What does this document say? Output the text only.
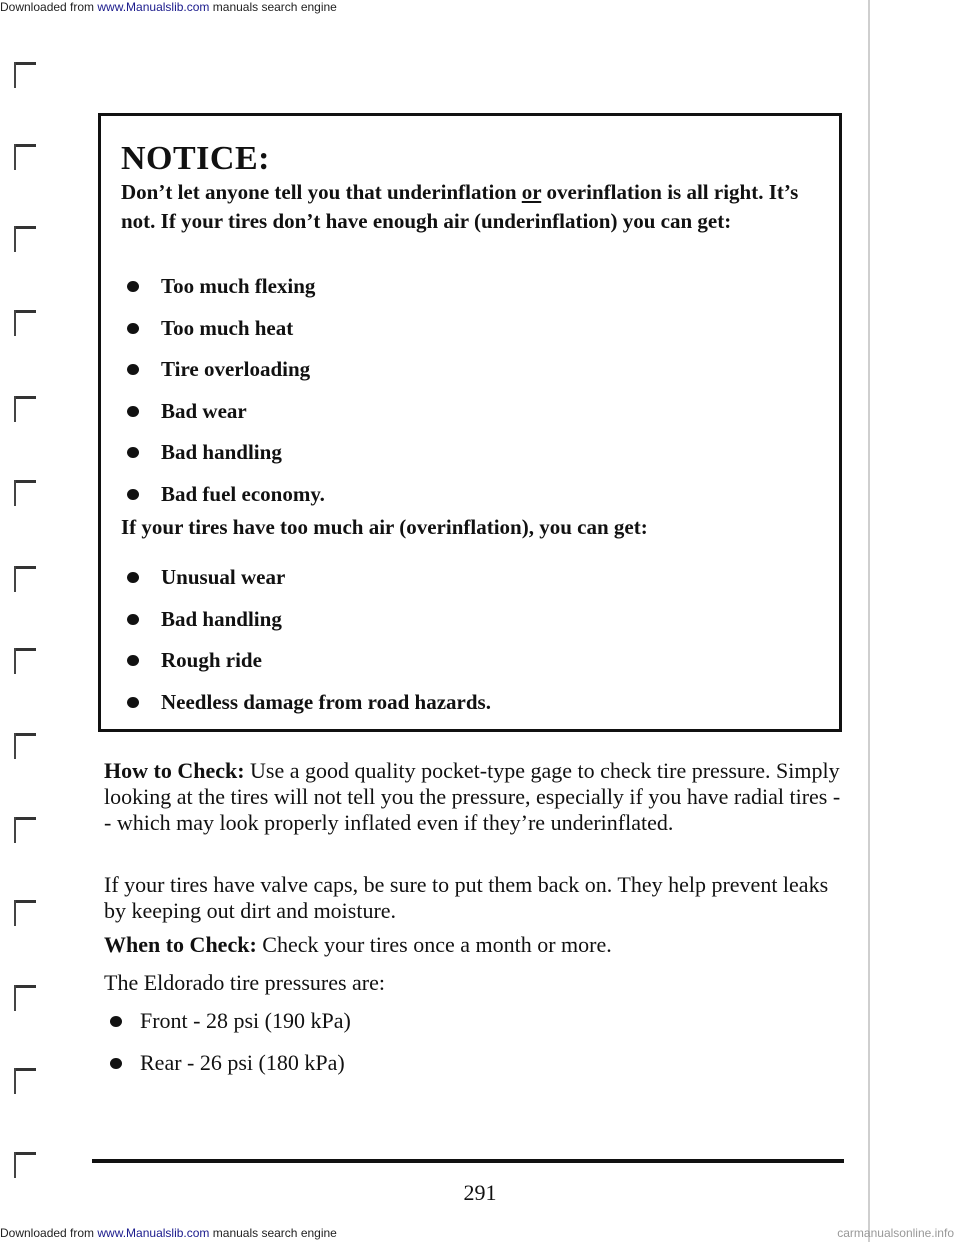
Downloaded from www.Manualslib.com manuals search engine
NOTICE:
Don’t let anyone tell you that underinflation or overinflation is all right. It’s not. If your tires don’t have enough air (underinflation) you can get:
Too much flexing
Too much heat
Tire overloading
Bad wear
Bad handling
Bad fuel economy.
If your tires have too much air (overinflation), you can get:
Unusual wear
Bad handling
Rough ride
Needless damage from road hazards.
How to Check: Use a good quality pocket-type gage to check tire pressure. Simply looking at the tires will not tell you the pressure, especially if you have radial tires -- which may look properly inflated even if they’re underinflated.
If your tires have valve caps, be sure to put them back on. They help prevent leaks by keeping out dirt and moisture.
When to Check: Check your tires once a month or more.
The Eldorado tire pressures are:
Front - 28 psi (190 kPa)
Rear - 26 psi (180 kPa)
291
Downloaded from www.Manualslib.com manuals search engine	carmanualsonline.info
